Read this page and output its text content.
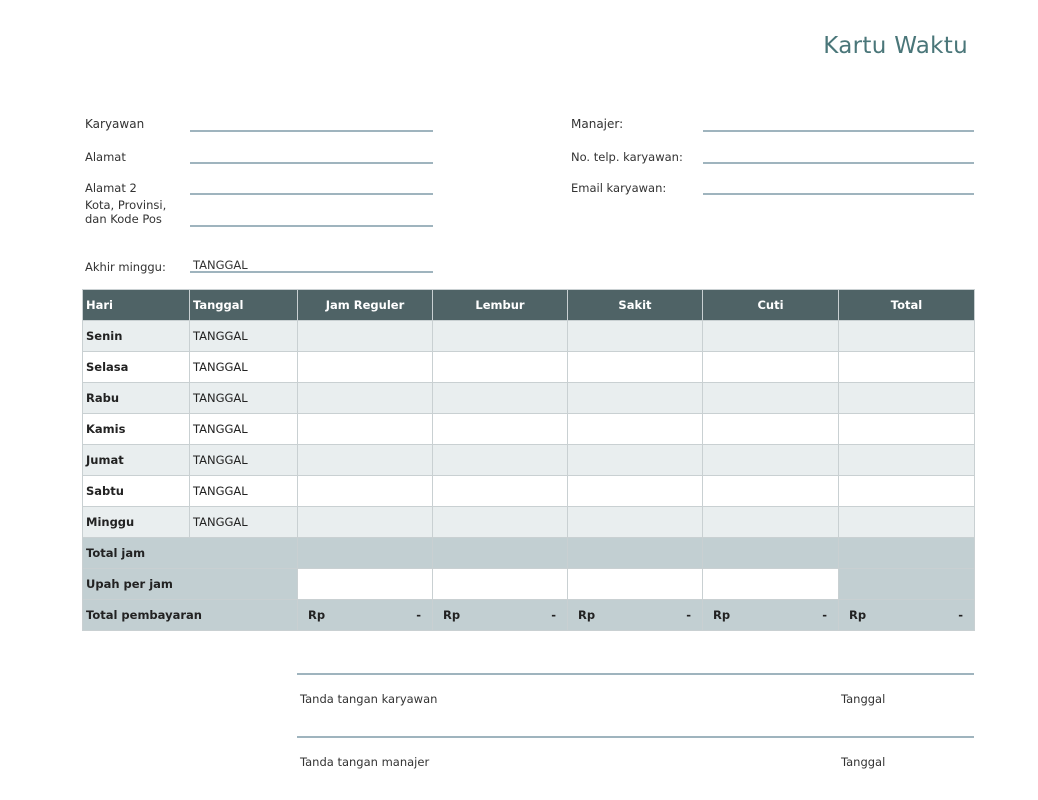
Kartu Waktu
Karyawan
Alamat
Alamat 2
Kota, Provinsi,
dan Kode Pos
Akhir minggu: TANGGAL
Manajer:
No. telp. karyawan:
Email karyawan:
Hari	Tanggal	Jam Reguler	Lembur	Sakit	Cuti	Total
Senin	TANGGAL					
Selasa	TANGGAL					
Rabu	TANGGAL					
Kamis	TANGGAL					
Jumat	TANGGAL					
Sabtu	TANGGAL					
Minggu	TANGGAL					
Total jam						
Upah per jam						
Total pembayaran		Rp -	Rp -	Rp -	Rp -	Rp -
Tanda tangan karyawan	Tanggal
Tanda tangan manajer	Tanggal
